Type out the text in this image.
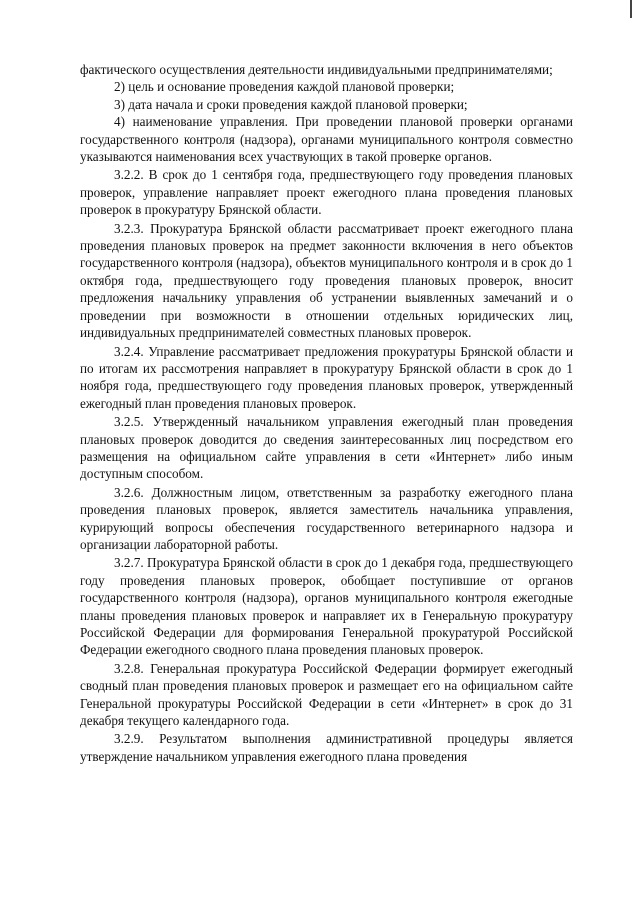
фактического осуществления деятельности индивидуальными предпринимателями;

2) цель и основание проведения каждой плановой проверки;

3) дата начала и сроки проведения каждой плановой проверки;

4) наименование управления. При проведении плановой проверки органами государственного контроля (надзора), органами муниципального контроля совместно указываются наименования всех участвующих в такой проверке органов.

3.2.2. В срок до 1 сентября года, предшествующего году проведения плановых проверок, управление направляет проект ежегодного плана проведения плановых проверок в прокуратуру Брянской области.

3.2.3. Прокуратура Брянской области рассматривает проект ежегодного плана проведения плановых проверок на предмет законности включения в него объектов государственного контроля (надзора), объектов муниципального контроля и в срок до 1 октября года, предшествующего году проведения плановых проверок, вносит предложения начальнику управления об устранении выявленных замечаний и о проведении при возможности в отношении отдельных юридических лиц, индивидуальных предпринимателей совместных плановых проверок.

3.2.4. Управление рассматривает предложения прокуратуры Брянской области и по итогам их рассмотрения направляет в прокуратуру Брянской области в срок до 1 ноября года, предшествующего году проведения плановых проверок, утвержденный ежегодный план проведения плановых проверок.

3.2.5. Утвержденный начальником управления ежегодный план проведения плановых проверок доводится до сведения заинтересованных лиц посредством его размещения на официальном сайте управления в сети «Интернет» либо иным доступным способом.

3.2.6. Должностным лицом, ответственным за разработку ежегодного плана проведения плановых проверок, является заместитель начальника управления, курирующий вопросы обеспечения государственного ветеринарного надзора и организации лабораторной работы.

3.2.7. Прокуратура Брянской области в срок до 1 декабря года, предшествующего году проведения плановых проверок, обобщает поступившие от органов государственного контроля (надзора), органов муниципального контроля ежегодные планы проведения плановых проверок и направляет их в Генеральную прокуратуру Российской Федерации для формирования Генеральной прокуратурой Российской Федерации ежегодного сводного плана проведения плановых проверок.

3.2.8. Генеральная прокуратура Российской Федерации формирует ежегодный сводный план проведения плановых проверок и размещает его на официальном сайте Генеральной прокуратуры Российской Федерации в сети «Интернет» в срок до 31 декабря текущего календарного года.

3.2.9. Результатом выполнения административной процедуры является утверждение начальником управления ежегодного плана проведения
